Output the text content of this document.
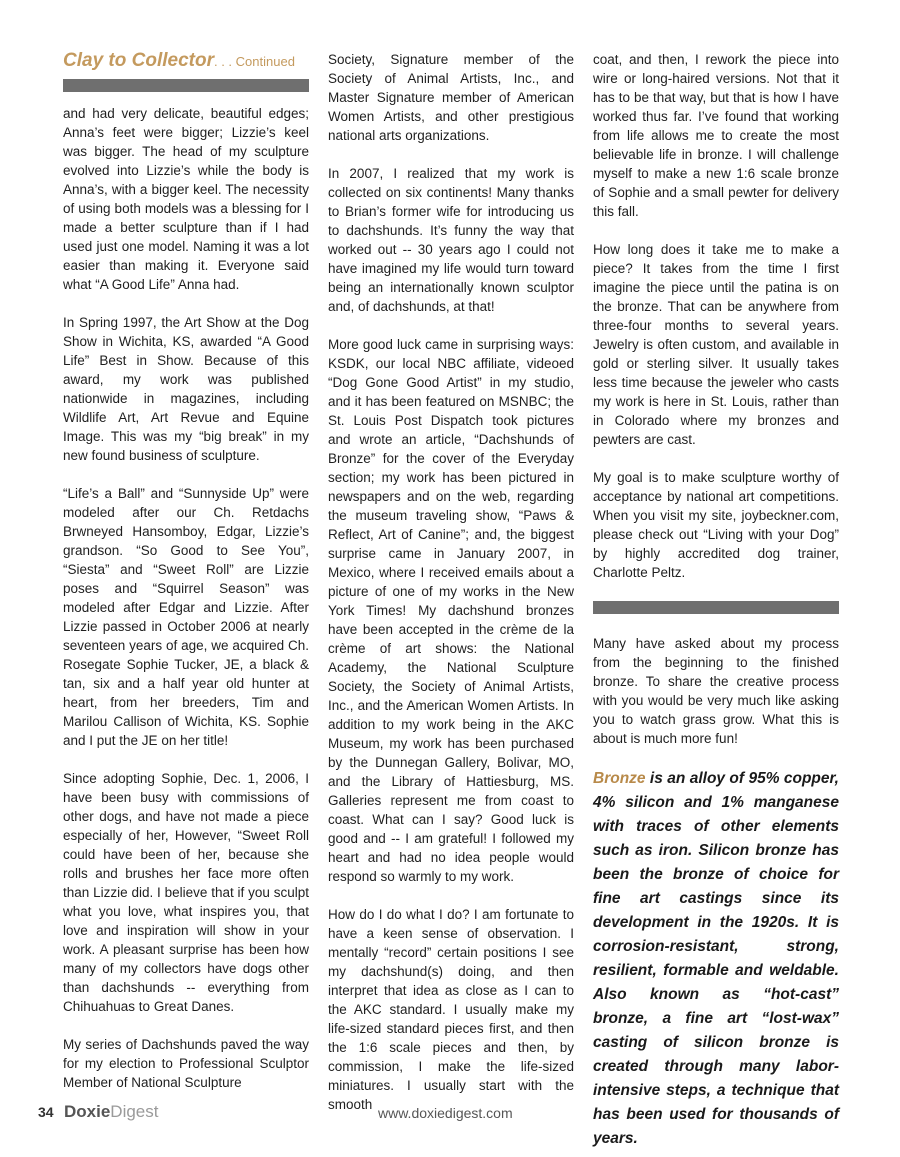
Clay to Collector. . . Continued

and had very delicate, beautiful edges; Anna’s feet were bigger; Lizzie’s keel was bigger. The head of my sculpture evolved into Lizzie’s while the body is Anna’s, with a bigger keel. The necessity of using both models was a blessing for I made a better sculpture than if I had used just one model. Naming it was a lot easier than making it. Everyone said what “A Good Life” Anna had.

In Spring 1997, the Art Show at the Dog Show in Wichita, KS, awarded “A Good Life” Best in Show. Because of this award, my work was published nationwide in magazines, including Wildlife Art, Art Revue and Equine Image. This was my “big break” in my new found business of sculpture.

“Life’s a Ball” and “Sunnyside Up” were modeled after our Ch. Retdachs Brwneyed Hansomboy, Edgar, Lizzie’s grandson. “So Good to See You”, “Siesta” and “Sweet Roll” are Lizzie poses and “Squirrel Season” was modeled after Edgar and Lizzie. After Lizzie passed in October 2006 at nearly seventeen years of age, we acquired Ch. Rosegate Sophie Tucker, JE, a black & tan, six and a half year old hunter at heart, from her breeders, Tim and Marilou Callison of Wichita, KS. Sophie and I put the JE on her title!

Since adopting Sophie, Dec. 1, 2006, I have been busy with commissions of other dogs, and have not made a piece especially of her, However, “Sweet Roll could have been of her, because she rolls and brushes her face more often than Lizzie did. I believe that if you sculpt what you love, what inspires you, that love and inspiration will show in your work. A pleasant surprise has been how many of my collectors have dogs other than dachshunds -- everything from Chihuahuas to Great Danes.

My series of Dachshunds paved the way for my election to Professional Sculptor Member of National Sculpture

Society, Signature member of the Society of Animal Artists, Inc., and Master Signature member of American Women Artists, and other prestigious national arts organizations.

In 2007, I realized that my work is collected on six continents! Many thanks to Brian’s former wife for introducing us to dachshunds. It’s funny the way that worked out -- 30 years ago I could not have imagined my life would turn toward being an internationally known sculptor and, of dachshunds, at that!

More good luck came in surprising ways: KSDK, our local NBC affiliate, videoed “Dog Gone Good Artist” in my studio, and it has been featured on MSNBC; the St. Louis Post Dispatch took pictures and wrote an article, “Dachshunds of Bronze” for the cover of the Everyday section; my work has been pictured in newspapers and on the web, regarding the museum traveling show, “Paws & Reflect, Art of Canine”; and, the biggest surprise came in January 2007, in Mexico, where I received emails about a picture of one of my works in the New York Times! My dachshund bronzes have been accepted in the crème de la crème of art shows: the National Academy, the National Sculpture Society, the Society of Animal Artists, Inc., and the American Women Artists. In addition to my work being in the AKC Museum, my work has been purchased by the Dunnegan Gallery, Bolivar, MO, and the Library of Hattiesburg, MS. Galleries represent me from coast to coast. What can I say? Good luck is good and -- I am grateful! I followed my heart and had no idea people would respond so warmly to my work.

How do I do what I do? I am fortunate to have a keen sense of observation. I mentally “record” certain positions I see my dachshund(s) doing, and then interpret that idea as close as I can to the AKC standard. I usually make my life-sized standard pieces first, and then the 1:6 scale pieces and then, by commission, I make the life-sized miniatures. I usually start with the smooth

coat, and then, I rework the piece into wire or long-haired versions. Not that it has to be that way, but that is how I have worked thus far. I’ve found that working from life allows me to create the most believable life in bronze. I will challenge myself to make a new 1:6 scale bronze of Sophie and a small pewter for delivery this fall.

How long does it take me to make a piece? It takes from the time I first imagine the piece until the patina is on the bronze. That can be anywhere from three-four months to several years. Jewelry is often custom, and available in gold or sterling silver. It usually takes less time because the jeweler who casts my work is here in St. Louis, rather than in Colorado where my bronzes and pewters are cast.

My goal is to make sculpture worthy of acceptance by national art competitions. When you visit my site, joybeckner.com, please check out “Living with your Dog” by highly accredited dog trainer, Charlotte Peltz.

Many have asked about my process from the beginning to the finished bronze. To share the creative process with you would be very much like asking you to watch grass grow. What this is about is much more fun!

Bronze is an alloy of 95% copper, 4% silicon and 1% manganese with traces of other elements such as iron. Silicon bronze has been the bronze of choice for fine art castings since its development in the 1920s. It is corrosion-resistant, strong, resilient, formable and weldable. Also known as “hot-cast” bronze, a fine art “lost-wax” casting of silicon bronze is created through many labor-intensive steps, a technique that has been used for thousands of years.
34 DoxieDigest	www.doxiedigest.com
